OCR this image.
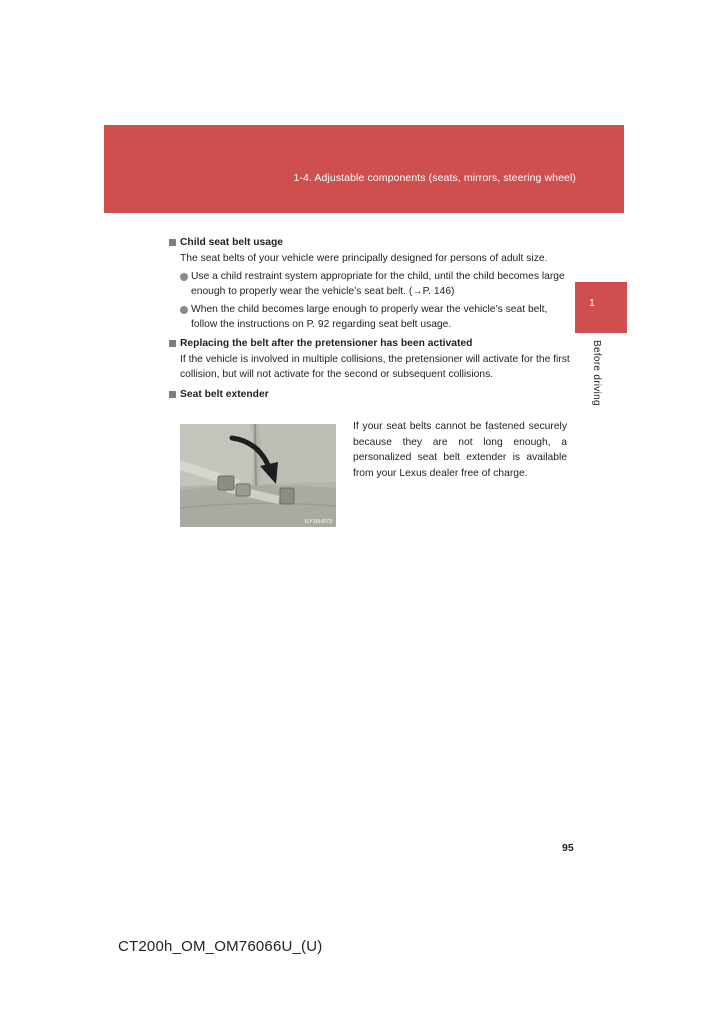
1-4. Adjustable components (seats, mirrors, steering wheel)
1
Before driving
Child seat belt usage

The seat belts of your vehicle were principally designed for persons of adult size.

Use a child restraint system appropriate for the child, until the child becomes large enough to properly wear the vehicle’s seat belt. (→P. 146)
When the child becomes large enough to properly wear the vehicle’s seat belt, follow the instructions on P. 92 regarding seat belt usage.
Replacing the belt after the pretensioner has been activated

If the vehicle is involved in multiple collisions, the pretensioner will activate for the first collision, but will not activate for the second or subsequent collisions.

Seat belt extender
ILY16H073
If your seat belts cannot be fastened securely because they are not long enough, a personalized seat belt extender is available from your Lexus dealer free of charge.
95
CT200h_OM_OM76066U_(U)
